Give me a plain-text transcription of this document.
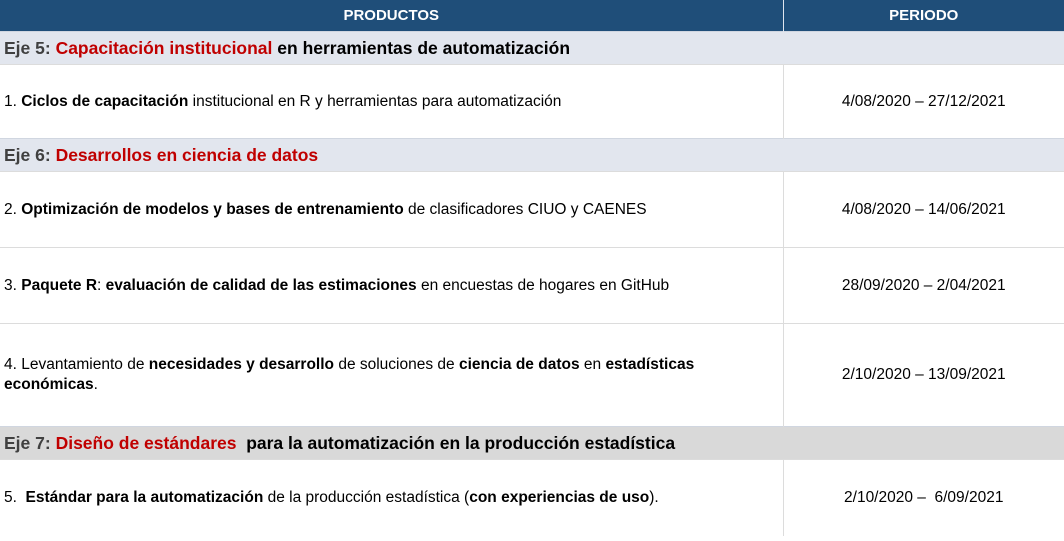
PRODUCTOS	PERIODO
Eje 5: Capacitación institucional en herramientas de automatización	
1. Ciclos de capacitación institucional en R y herramientas para automatización	4/08/2020 – 27/12/2021
Eje 6: Desarrollos en ciencia de datos	
2. Optimización de modelos y bases de entrenamiento de clasificadores CIUO y CAENES	4/08/2020 – 14/06/2021
3. Paquete R: evaluación de calidad de las estimaciones en encuestas de hogares en GitHub	28/09/2020 – 2/04/2021
4. Levantamiento de necesidades y desarrollo de soluciones de ciencia de datos en estadísticas económicas.	2/10/2020 – 13/09/2021
Eje 7: Diseño de estándares  para la automatización en la producción estadística	
5.  Estándar para la automatización de la producción estadística (con experiencias de uso).	2/10/2020 –  6/09/2021
